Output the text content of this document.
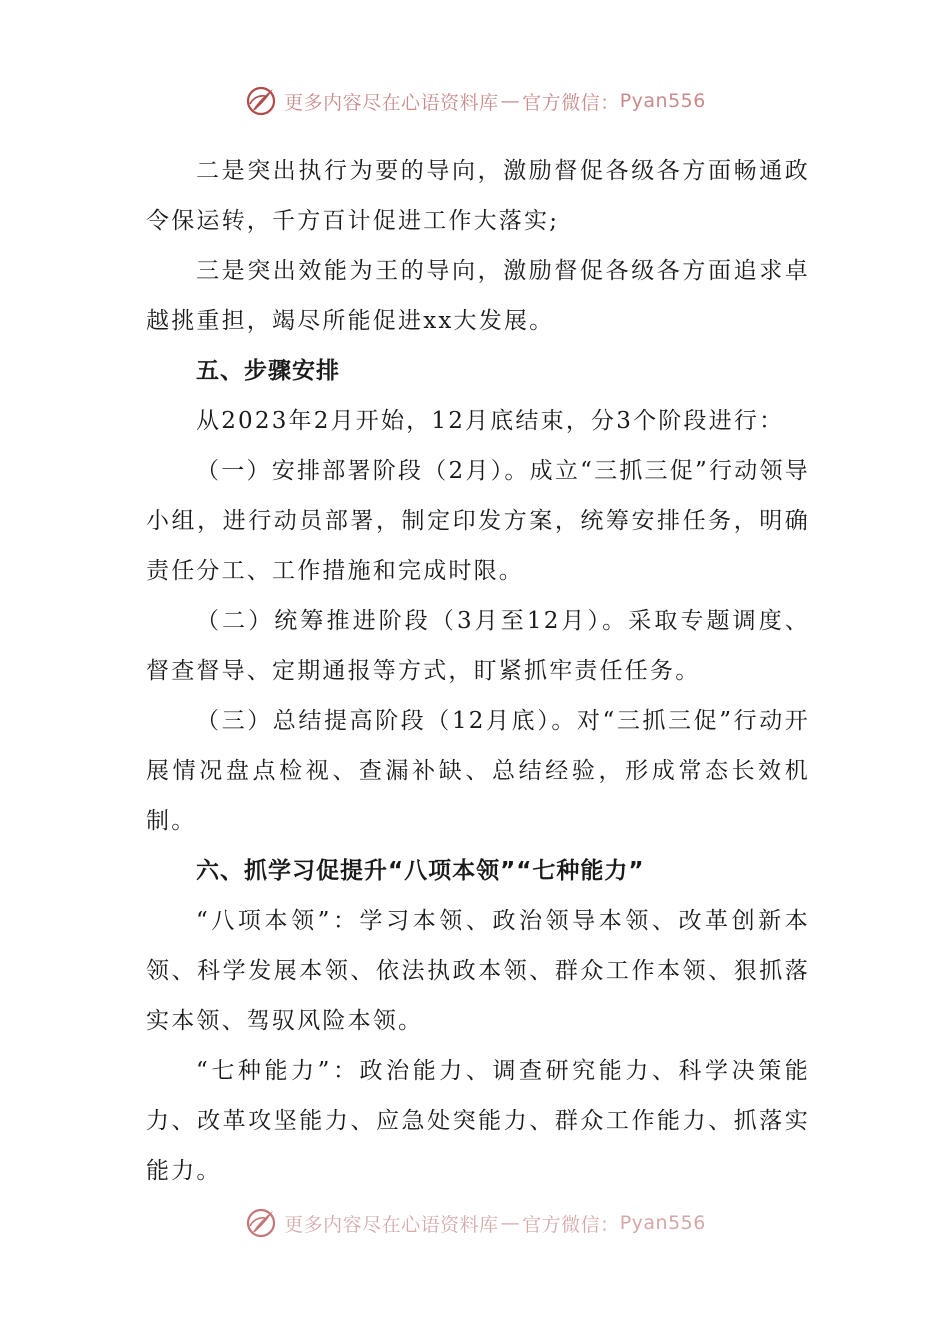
更多内容尽在心语资料库 — 官方微信： Pyan556

二是突出执行为要的导向，激励督促各级各方面畅通政令保运转，千方百计促进工作大落实;

三是突出效能为王的导向，激励督促各级各方面追求卓越挑重担，竭尽所能促进xx大发展。

五、步骤安排

从2023年2月开始，12月底结束，分3个阶段进行：

（一）安排部署阶段（2月）。成立“三抓三促”行动领导小组，进行动员部署，制定印发方案，统筹安排任务，明确责任分工、工作措施和完成时限。

（二）统筹推进阶段（3月至12月）。采取专题调度、督查督导、定期通报等方式，盯紧抓牢责任任务。

（三）总结提高阶段（12月底）。对“三抓三促”行动开展情况盘点检视、查漏补缺、总结经验，形成常态长效机制。

六、抓学习促提升“八项本领”“七种能力”

“八项本领”：学习本领、政治领导本领、改革创新本领、科学发展本领、依法执政本领、群众工作本领、狠抓落实本领、驾驭风险本领。

“七种能力”：政治能力、调查研究能力、科学决策能力、改革攻坚能力、应急处突能力、群众工作能力、抓落实能力。

更多内容尽在心语资料库 — 官方微信： Pyan556
